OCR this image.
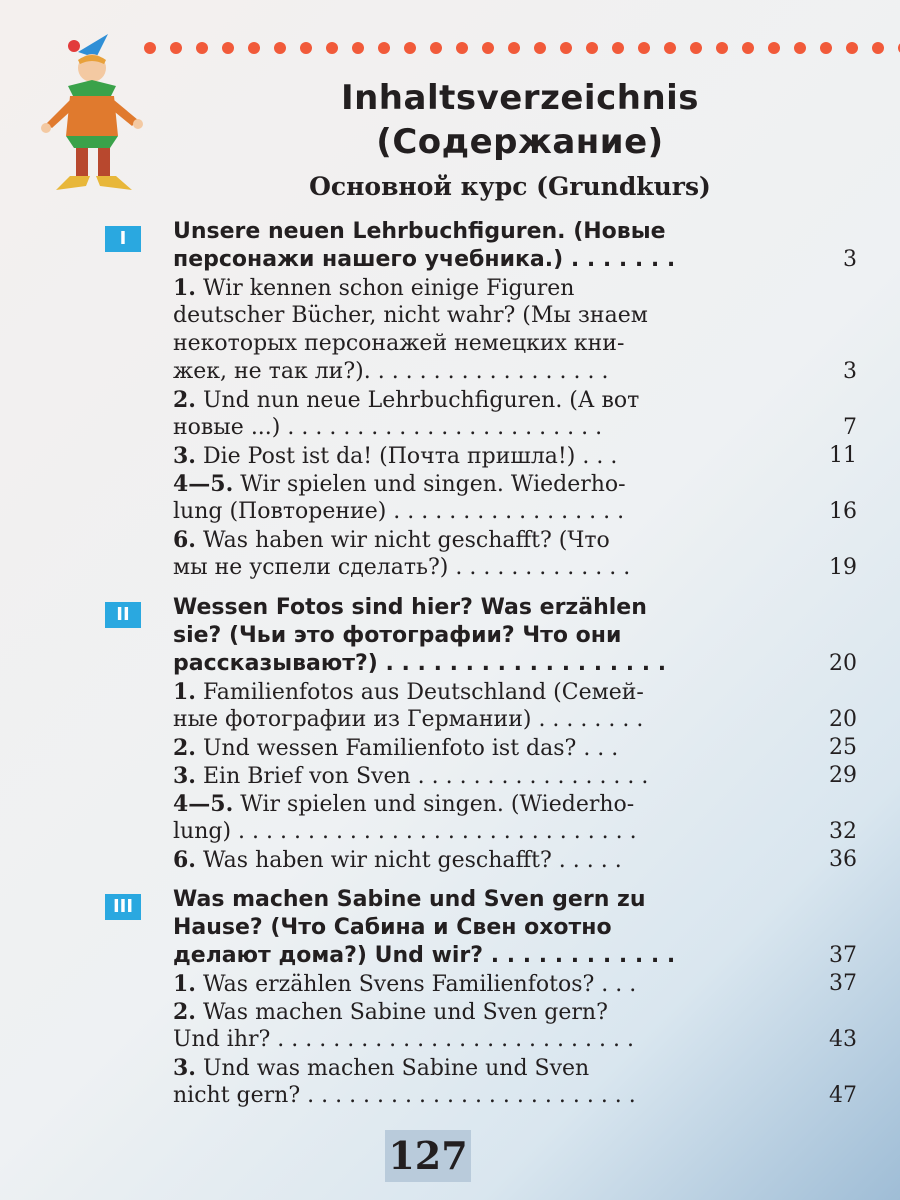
Inhaltsverzeichnis
(Содержание)
Основной курс (Grundkurs)
I	Unsere neuen Lehrbuchfiguren. (Новые
персонажи нашего учебника.) . . . . . . .	3
1. Wir kennen schon einige Figuren
deutscher Bücher, nicht wahr? (Мы знаем
некоторых персонажей немецких кни-
жек, не так ли?). . . . . . . . . . . . . . . . . .	3
2. Und nun neue Lehrbuchfiguren. (А вот
новые ...) . . . . . . . . . . . . . . . . . . . . . . .	7
3. Die Post ist da! (Почта пришла!) . . .	11
4—5. Wir spielen und singen. Wiederho-
lung (Повторение) . . . . . . . . . . . . . . . . .	16
6. Was haben wir nicht geschafft? (Что
мы не успели сделать?) . . . . . . . . . . . . .	19
II	Wessen Fotos sind hier? Was erzählen
sie? (Чьи это фотографии? Что они
рассказывают?) . . . . . . . . . . . . . . . . . .	20
1. Familienfotos aus Deutschland (Семей-
ные фотографии из Германии) . . . . . . . .	20
2. Und wessen Familienfoto ist das? . . .	25
3. Ein Brief von Sven . . . . . . . . . . . . . . . . .	29
4—5. Wir spielen und singen. (Wiederho-
lung) . . . . . . . . . . . . . . . . . . . . . . . . . . . . .	32
6. Was haben wir nicht geschafft? . . . . .	36
III	Was machen Sabine und Sven gern zu
Hause? (Что Сабина и Свен охотно
делают дома?) Und wir? . . . . . . . . . . . .	37
1. Was erzählen Svens Familienfotos? . . .	37
2. Was machen Sabine und Sven gern?
Und ihr? . . . . . . . . . . . . . . . . . . . . . . . . . .	43
3. Und was machen Sabine und Sven
nicht gern? . . . . . . . . . . . . . . . . . . . . . . . .	47
127
